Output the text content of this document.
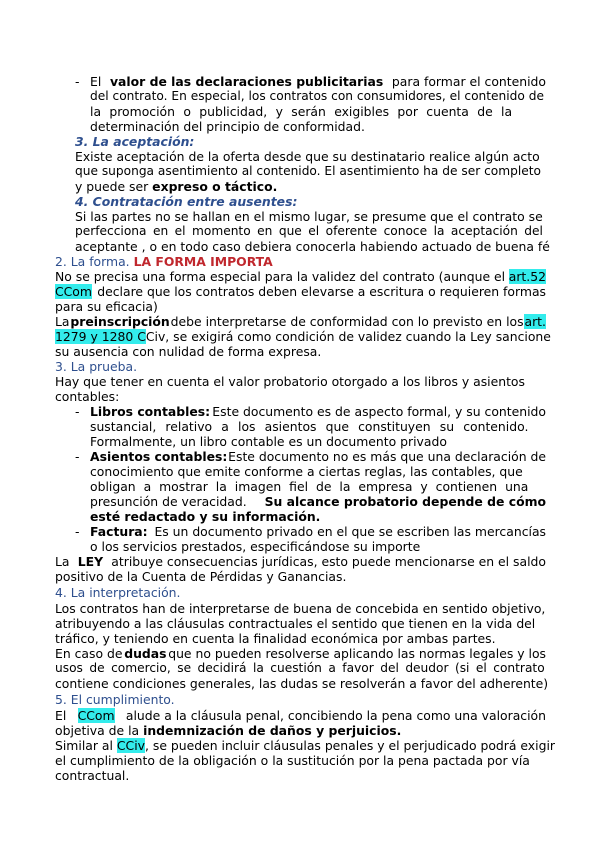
- El valor de las declaraciones publicitarias para formar el contenido
del contrato. En especial, los contratos con consumidores, el contenido de
la promoción o publicidad, y serán exigibles por cuenta de la
determinación del principio de conformidad.
3. La aceptación:
Existe aceptación de la oferta desde que su destinatario realice algún acto
que suponga asentimiento al contenido. El asentimiento ha de ser completo
y puede ser expreso o táctico.
4. Contratación entre ausentes:
Si las partes no se hallan en el mismo lugar, se presume que el contrato se
perfecciona en el momento en que el oferente conoce la aceptación del
aceptante , o en todo caso debiera conocerla habiendo actuado de buena fé
2. La forma. LA FORMA IMPORTA
No se precisa una forma especial para la validez del contrato (aunque el art.52
CCom declare que los contratos deben elevarse a escritura o requieren formas
para su eficacia)
La preinscripción debe interpretarse de conformidad con lo previsto en los art.
1279 y 1280 CCiv, se exigirá como condición de validez cuando la Ley sancione
su ausencia con nulidad de forma expresa.
3. La prueba.
Hay que tener en cuenta el valor probatorio otorgado a los libros y asientos
contables:
- Libros contables: Este documento es de aspecto formal, y su contenido
sustancial, relativo a los asientos que constituyen su contenido.
Formalmente, un libro contable es un documento privado
- Asientos contables: Este documento no es más que una declaración de
conocimiento que emite conforme a ciertas reglas, las contables, que
obligan a mostrar la imagen fiel de la empresa y contienen una
presunción de veracidad. Su alcance probatorio depende de cómo
esté redactado y su información.
- Factura: Es un documento privado en el que se escriben las mercancías
o los servicios prestados, especificándose su importe
La LEY atribuye consecuencias jurídicas, esto puede mencionarse en el saldo
positivo de la Cuenta de Pérdidas y Ganancias.
4. La interpretación.
Los contratos han de interpretarse de buena de concebida en sentido objetivo,
atribuyendo a las cláusulas contractuales el sentido que tienen en la vida del
tráfico, y teniendo en cuenta la finalidad económica por ambas partes.
En caso de dudas que no pueden resolverse aplicando las normas legales y los
usos de comercio, se decidirá la cuestión a favor del deudor (si el contrato
contiene condiciones generales, las dudas se resolverán a favor del adherente)
5. El cumplimiento.
El CCom alude a la cláusula penal, concibiendo la pena como una valoración
objetiva de la indemnización de daños y perjuicios.
Similar al CCiv, se pueden incluir cláusulas penales y el perjudicado podrá exigir
el cumplimiento de la obligación o la sustitución por la pena pactada por vía
contractual.
